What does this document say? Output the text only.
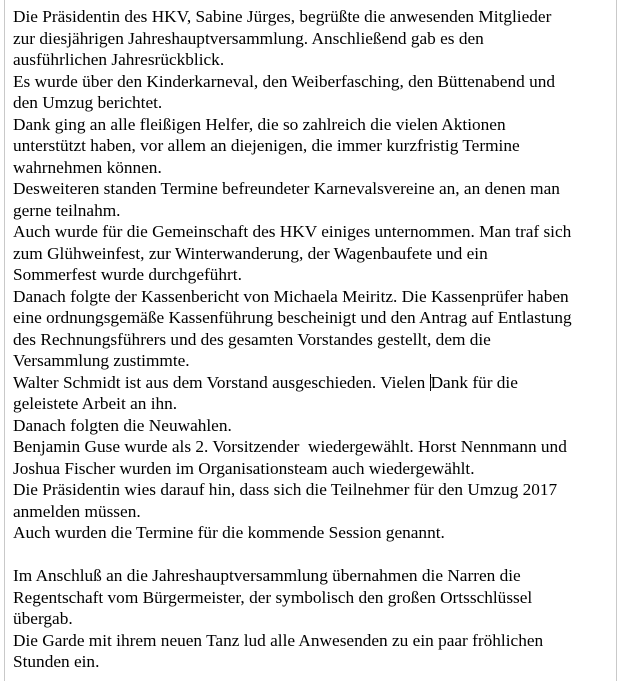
Die Präsidentin des HKV, Sabine Jürges, begrüßte die anwesenden Mitglieder
zur diesjährigen Jahreshauptversammlung. Anschließend gab es den
ausführlichen Jahresrückblick.
Es wurde über den Kinderkarneval, den Weiberfasching, den Büttenabend und
den Umzug berichtet.
Dank ging an alle fleißigen Helfer, die so zahlreich die vielen Aktionen
unterstützt haben, vor allem an diejenigen, die immer kurzfristig Termine
wahrnehmen können.
Desweiteren standen Termine befreundeter Karnevalsvereine an, an denen man
gerne teilnahm.
Auch wurde für die Gemeinschaft des HKV einiges unternommen. Man traf sich
zum Glühweinfest, zur Winterwanderung, der Wagenbaufete und ein
Sommerfest wurde durchgeführt.
Danach folgte der Kassenbericht von Michaela Meiritz. Die Kassenprüfer haben
eine ordnungsgemäße Kassenführung bescheinigt und den Antrag auf Entlastung
des Rechnungsführers und des gesamten Vorstandes gestellt, dem die
Versammlung zustimmte.
Walter Schmidt ist aus dem Vorstand ausgeschieden. Vielen Dank für die
geleistete Arbeit an ihn.
Danach folgten die Neuwahlen.
Benjamin Guse wurde als 2. Vorsitzender  wiedergewählt. Horst Nennmann und
Joshua Fischer wurden im Organisationsteam auch wiedergewählt.
Die Präsidentin wies darauf hin, dass sich die Teilnehmer für den Umzug 2017
anmelden müssen.
Auch wurden die Termine für die kommende Session genannt.
Im Anschluß an die Jahreshauptversammlung übernahmen die Narren die
Regentschaft vom Bürgermeister, der symbolisch den großen Ortsschlüssel
übergab.
Die Garde mit ihrem neuen Tanz lud alle Anwesenden zu ein paar fröhlichen
Stunden ein.
